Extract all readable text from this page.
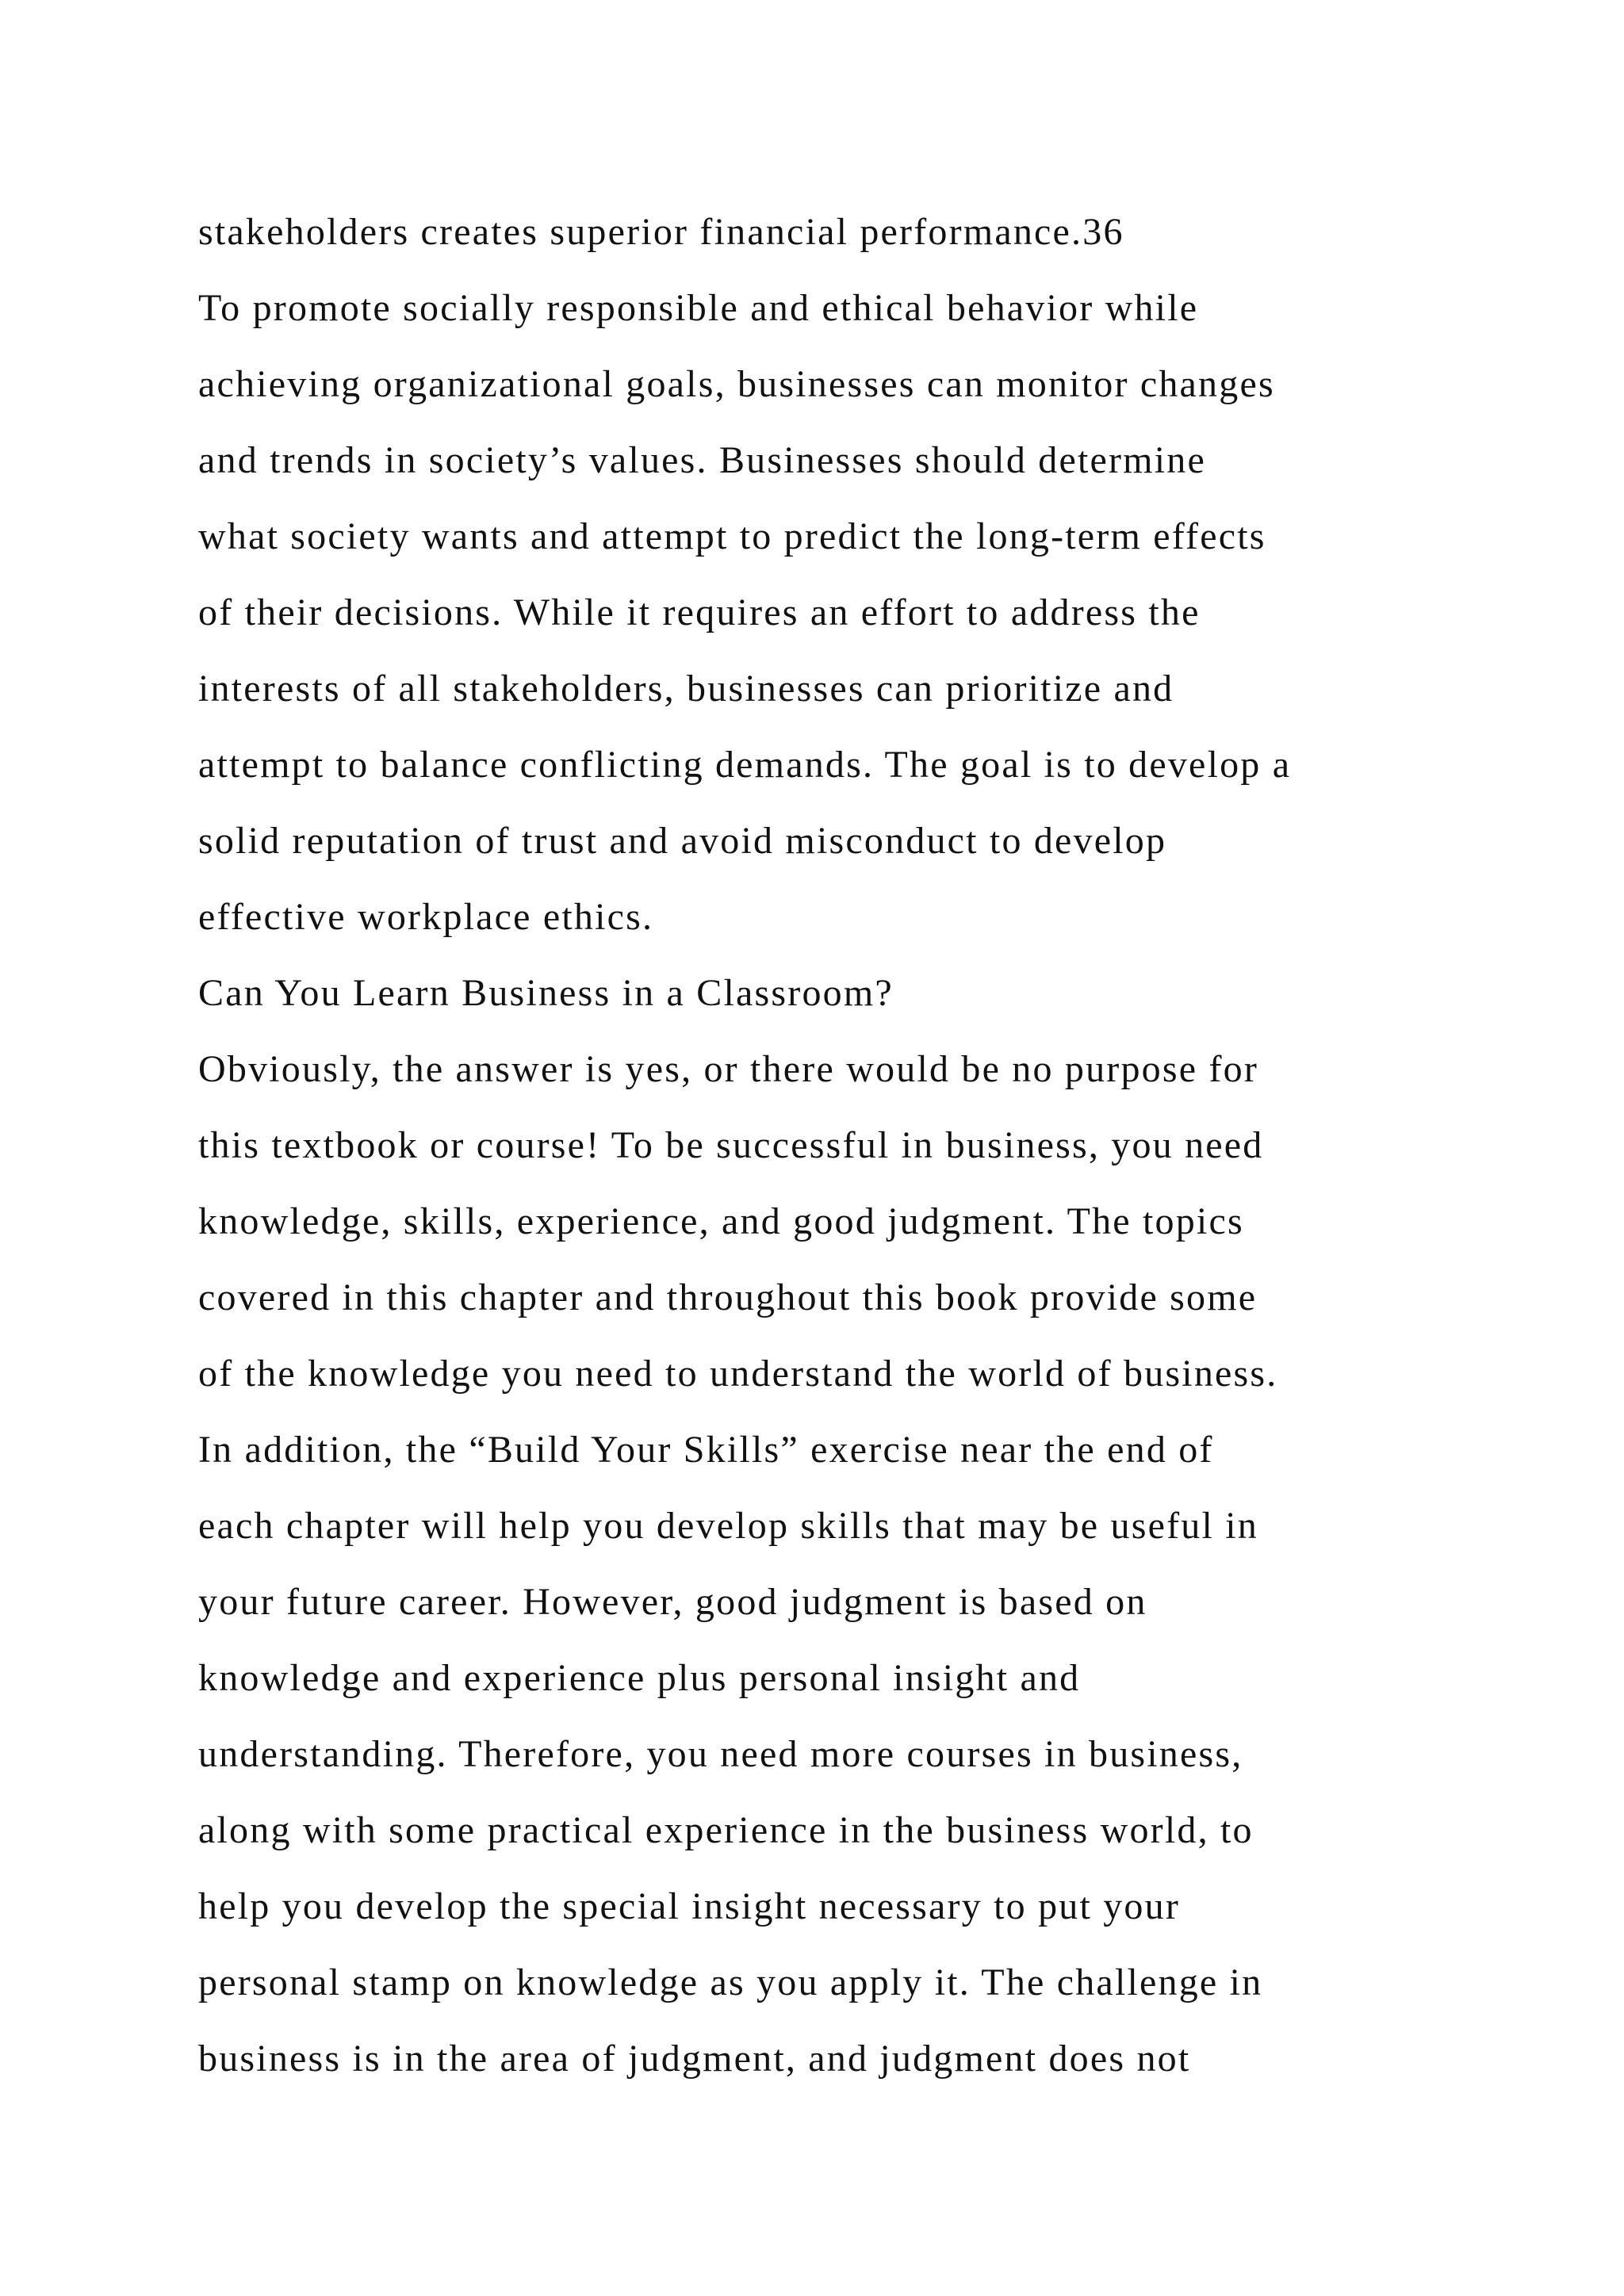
stakeholders creates superior financial performance.36
To promote socially responsible and ethical behavior while
achieving organizational goals, businesses can monitor changes
and trends in society’s values. Businesses should determine
what society wants and attempt to predict the long-term effects
of their decisions. While it requires an effort to address the
interests of all stakeholders, businesses can prioritize and
attempt to balance conflicting demands. The goal is to develop a
solid reputation of trust and avoid misconduct to develop
effective workplace ethics.
Can You Learn Business in a Classroom?
Obviously, the answer is yes, or there would be no purpose for
this textbook or course! To be successful in business, you need
knowledge, skills, experience, and good judgment. The topics
covered in this chapter and throughout this book provide some
of the knowledge you need to understand the world of business.
In addition, the “Build Your Skills” exercise near the end of
each chapter will help you develop skills that may be useful in
your future career. However, good judgment is based on
knowledge and experience plus personal insight and
understanding. Therefore, you need more courses in business,
along with some practical experience in the business world, to
help you develop the special insight necessary to put your
personal stamp on knowledge as you apply it. The challenge in
business is in the area of judgment, and judgment does not
